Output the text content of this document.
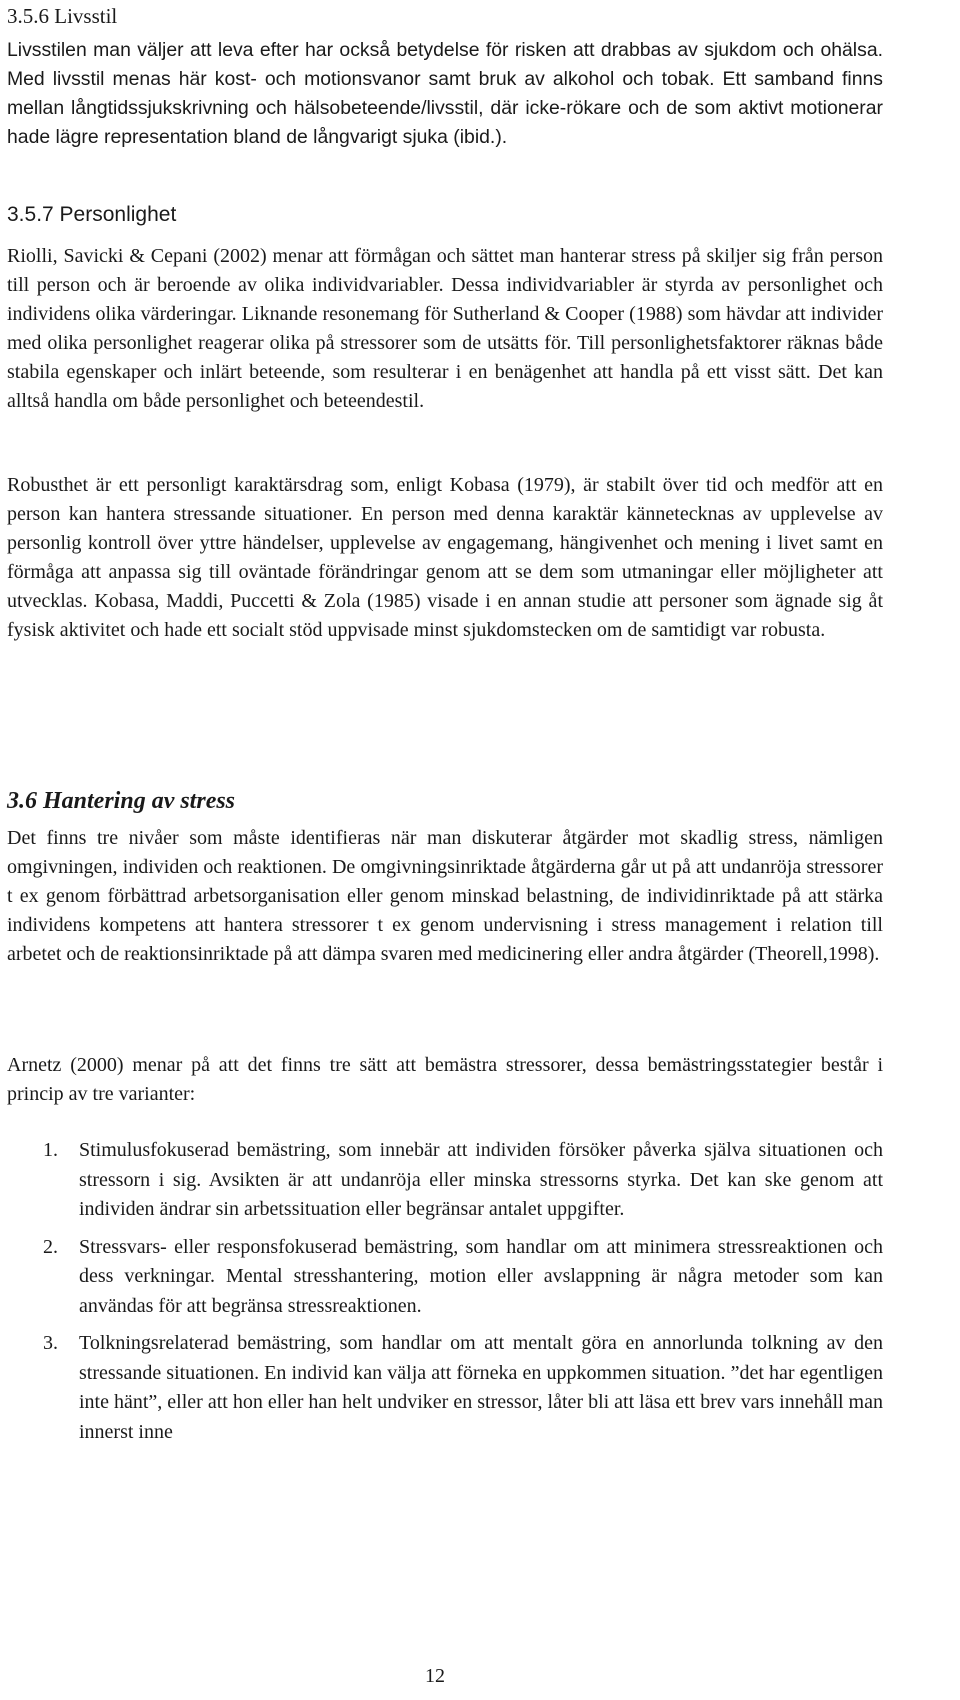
3.5.6 Livsstil

Livsstilen man väljer att leva efter har också betydelse för risken att drabbas av sjukdom och ohälsa. Med livsstil menas här kost- och motionsvanor samt bruk av alkohol och tobak. Ett samband finns mellan långtidssjukskrivning och hälsobeteende/livsstil, där icke-rökare och de som aktivt motionerar hade lägre representation bland de långvarigt sjuka (ibid.).

3.5.7 Personlighet

Riolli, Savicki & Cepani (2002) menar att förmågan och sättet man hanterar stress på skiljer sig från person till person och är beroende av olika individvariabler. Dessa individvariabler är styrda av personlighet och individens olika värderingar. Liknande resonemang för Sutherland & Cooper (1988) som hävdar att individer med olika personlighet reagerar olika på stressorer som de utsätts för. Till personlighetsfaktorer räknas både stabila egenskaper och inlärt beteende, som resulterar i en benägenhet att handla på ett visst sätt. Det kan alltså handla om både personlighet och beteendestil.

Robusthet är ett personligt karaktärsdrag som, enligt Kobasa (1979), är stabilt över tid och medför att en person kan hantera stressande situationer. En person med denna karaktär kännetecknas av upplevelse av personlig kontroll över yttre händelser, upplevelse av engagemang, hängivenhet och mening i livet samt en förmåga att anpassa sig till oväntade förändringar genom att se dem som utmaningar eller möjligheter att utvecklas. Kobasa, Maddi, Puccetti & Zola (1985) visade i en annan studie att personer som ägnade sig åt fysisk aktivitet och hade ett socialt stöd uppvisade minst sjukdomstecken om de samtidigt var robusta.

3.6 Hantering av stress

Det finns tre nivåer som måste identifieras när man diskuterar åtgärder mot skadlig stress, nämligen omgivningen, individen och reaktionen. De omgivningsinriktade åtgärderna går ut på att undanröja stressorer t ex genom förbättrad arbetsorganisation eller genom minskad belastning, de individinriktade på att stärka individens kompetens att hantera stressorer t ex genom undervisning i stress management i relation till arbetet och de reaktionsinriktade på att dämpa svaren med medicinering eller andra åtgärder (Theorell,1998).

Arnetz (2000) menar på att det finns tre sätt att bemästra stressorer, dessa bemästringsstategier består i princip av tre varianter:

1. Stimulusfokuserad bemästring, som innebär att individen försöker påverka själva situationen och stressorn i sig. Avsikten är att undanröja eller minska stressorns styrka. Det kan ske genom att individen ändrar sin arbetssituation eller begränsar antalet uppgifter.
2. Stressvars- eller responsfokuserad bemästring, som handlar om att minimera stressreaktionen och dess verkningar. Mental stresshantering, motion eller avslappning är några metoder som kan användas för att begränsa stressreaktionen.
3. Tolkningsrelaterad bemästring, som handlar om att mentalt göra en annorlunda tolkning av den stressande situationen. En individ kan välja att förneka en uppkommen situation. ”det har egentligen inte hänt”, eller att hon eller han helt undviker en stressor, låter bli att läsa ett brev vars innehåll man innerst inne
12
